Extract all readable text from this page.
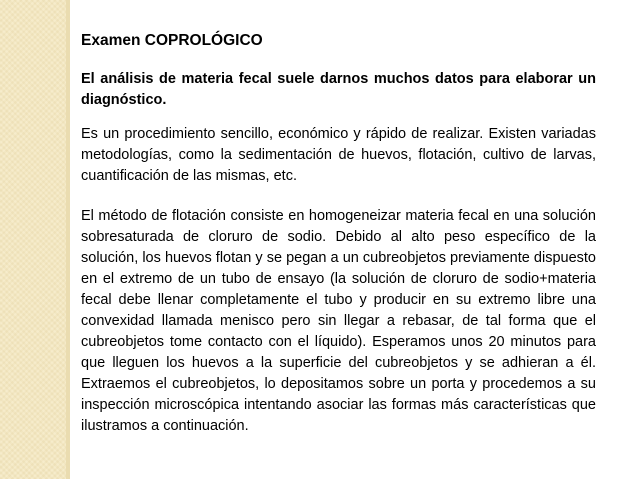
Examen COPROLÓGICO

El análisis de materia fecal suele darnos muchos datos para elaborar un diagnóstico.

Es un procedimiento sencillo, económico y rápido de realizar. Existen variadas metodologías, como la sedimentación de huevos, flotación, cultivo de larvas, cuantificación de las mismas, etc.

El método de flotación consiste en homogeneizar materia fecal en una solución sobresaturada de cloruro de sodio. Debido al alto peso específico de la solución, los huevos flotan y se pegan a un cubreobjetos previamente dispuesto en el extremo de un tubo de ensayo (la solución de cloruro de sodio+materia fecal debe llenar completamente el tubo y producir en su extremo libre una convexidad llamada menisco pero sin llegar a rebasar, de tal forma que el cubreobjetos tome contacto con el líquido). Esperamos unos 20 minutos para que lleguen los huevos a la superficie del cubreobjetos y se adhieran a él. Extraemos el cubreobjetos, lo depositamos sobre un porta y procedemos a su inspección microscópica intentando asociar las formas más características que ilustramos a continuación.
